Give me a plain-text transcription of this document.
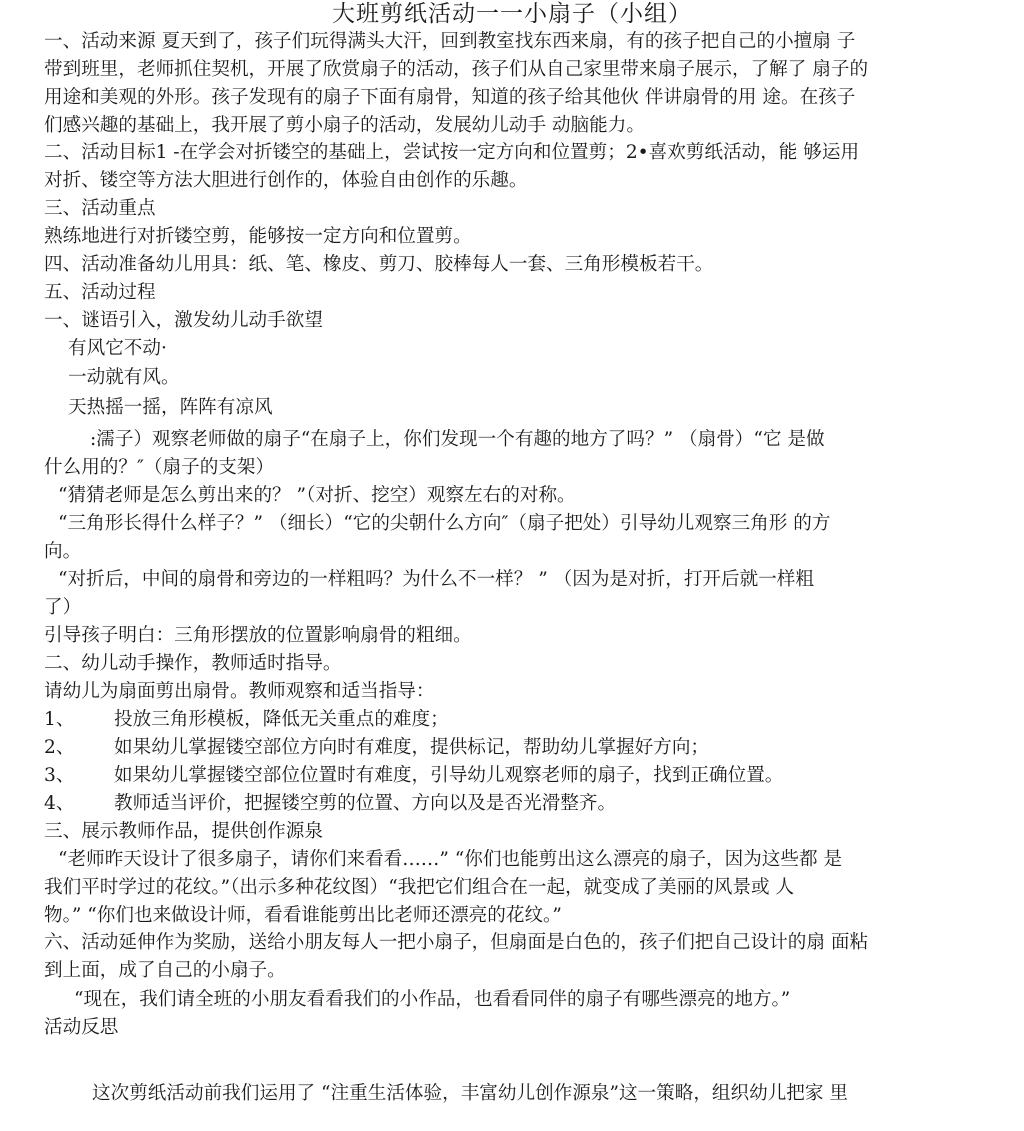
大班剪纸活动一一小扇子（小组）
一、活动来源 夏天到了，孩子们玩得满头大汗，回到教室找东西来扇，有的孩子把自己的小擅扇 子
带到班里，老师抓住契机，开展了欣赏扇子的活动，孩子们从自己家里带来扇子展示，了解了 扇子的
用途和美观的外形。孩子发现有的扇子下面有扇骨，知道的孩子给其他伙 伴讲扇骨的用 途。在孩子
们感兴趣的基础上，我开展了剪小扇子的活动，发展幼儿动手 动脑能力。
二、活动目标1 -在学会对折镂空的基础上，尝试按一定方向和位置剪；2•喜欢剪纸活动，能 够运用
对折、镂空等方法大胆进行创作的，体验自由创作的乐趣。
三、活动重点
熟练地进行对折镂空剪，能够按一定方向和位置剪。
四、活动准备幼儿用具：纸、笔、橡皮、剪刀、胶棒每人一套、三角形模板若干。
五、活动过程
一、谜语引入，激发幼儿动手欲望
有风它不动·
一动就有风。
天热摇一摇，阵阵有凉风
:濡子）观察老师做的扇子“在扇子上，你们发现一个有趣的地方了吗？” （扇骨）“它 是做
什么用的？″（扇子的支架）
“猜猜老师是怎么剪出来的？ ”（对折、挖空）观察左右的对称。
“三角形长得什么样子？” （细长）“它的尖朝什么方向″（扇子把处）引导幼儿观察三角形 的方
向。
“对折后，中间的扇骨和旁边的一样粗吗？为什么不一样？ ” （因为是对折，打开后就一样粗
了）
引导孩子明白：三角形摆放的位置影响扇骨的粗细。
二、幼儿动手操作，教师适时指导。
请幼儿为扇面剪出扇骨。教师观察和适当指导：
1、 投放三角形模板，降低无关重点的难度；
2、 如果幼儿掌握镂空部位方向时有难度，提供标记，帮助幼儿掌握好方向；
3、 如果幼儿掌握镂空部位位置时有难度，引导幼儿观察老师的扇子，找到正确位置。
4、 教师适当评价，把握镂空剪的位置、方向以及是否光滑整齐。
三、展示教师作品，提供创作源泉
“老师昨天设计了很多扇子，请你们来看看……” “你们也能剪出这么漂亮的扇子，因为这些都 是
我们平时学过的花纹。”（出示多种花纹图）“我把它们组合在一起，就变成了美丽的风景或 人
物。” “你们也来做设计师，看看谁能剪出比老师还漂亮的花纹。”
六、活动延伸作为奖励，送给小朋友每人一把小扇子，但扇面是白色的，孩子们把自己设计的扇 面粘
到上面，成了自己的小扇子。
“现在，我们请全班的小朋友看看我们的小作品，也看看同伴的扇子有哪些漂亮的地方。”
活动反思
这次剪纸活动前我们运用了 “注重生活体验，丰富幼儿创作源泉”这一策略，组织幼儿把家 里
